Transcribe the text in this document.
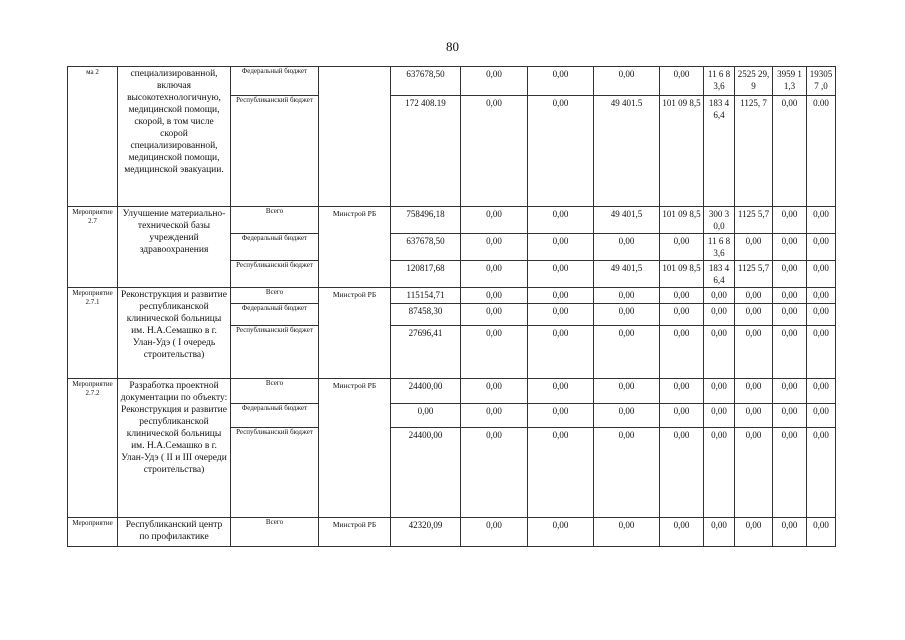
80
ма 2	специализированной, включая высокотехнологичную, медицинской помощи, скорой, в том числе скорой специализированной, медицинской помощи, медицинской эвакуации.	Федеральный бюджет		637678,50	0,00	0,00	0,00	0,00	11 6 83,6	2525 29,9	3959 11,3	193057 ,0
		Республиканский бюджет		172 408.19	0,00	0,00	49 401.5	101 09 8,5	183 46,4	1125, 7	0,00	0.00
Мероприятие 2.7	Улучшение материально-технической базы учреждений здравоохранения	Всего	Минстрой РБ	758496,18	0,00	0,00	49 401,5	101 09 8,5	300 30,0	1125 5,7	0,00	0,00
		Федеральный бюджет		637678,50	0,00	0,00	0,00	0,00	11 6 83,6	0,00	0,00	0,00
		Республиканский бюджет		120817,68	0,00	0,00	49 401,5	101 09 8,5	183 46,4	1125 5,7	0,00	0,00
Мероприятие 2.7.1	Реконструкция и развитие республиканской клинической больницы им. Н.А.Семашко в г. Улан-Удэ ( I очередь строительства)	Всего	Минстрой РБ	115154,71	0,00	0,00	0,00	0,00	0,00	0,00	0,00	0,00
		Федеральный бюджет		87458,30	0,00	0,00	0,00	0,00	0,00	0,00	0,00	0,00
		Республиканский бюджет		27696,41	0,00	0,00	0,00	0,00	0,00	0,00	0,00	0,00
Мероприятие 2.7.2	Разработка проектной документации по объекту: Реконструкция и развитие республиканской клинической больницы им. Н.А.Семашко в г. Улан-Удэ ( II и III очереди строительства)	Всего	Минстрой РБ	24400,00	0,00	0,00	0,00	0,00	0,00	0,00	0,00	0,00
		Федеральный бюджет		0,00	0,00	0,00	0,00	0,00	0,00	0,00	0,00	0,00
		Республиканский бюджет		24400,00	0,00	0,00	0,00	0,00	0,00	0,00	0,00	0,00
Мероприятие	Республиканский центр по профилактике	Всего	Минстрой РБ	42320,09	0,00	0,00	0,00	0,00	0,00	0,00	0,00	0,00
